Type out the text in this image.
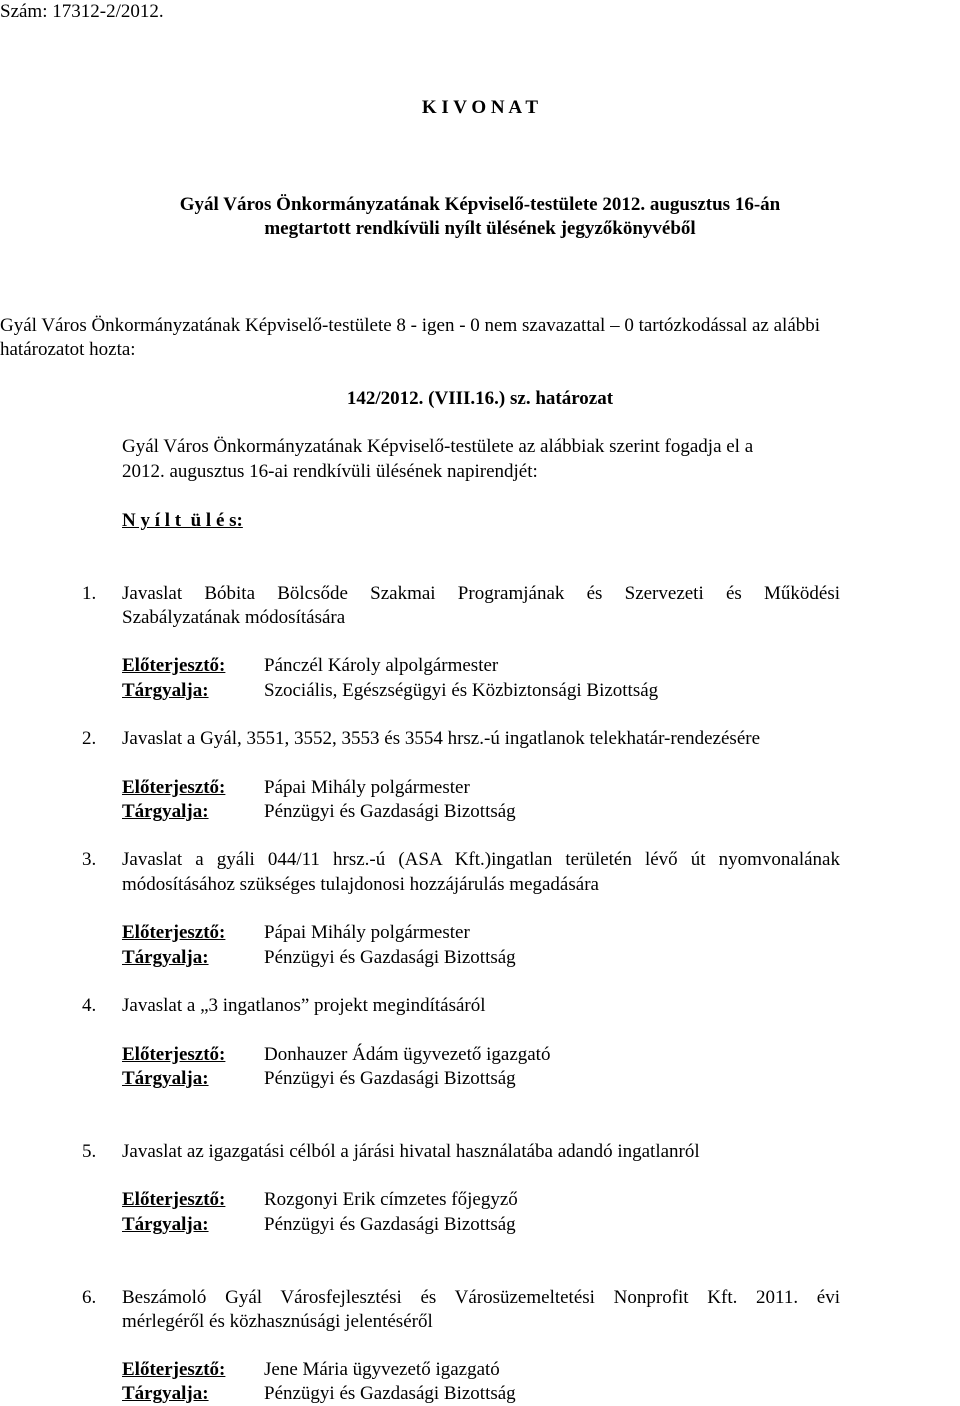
Szám: 17312-2/2012.
K I V O N A T
Gyál Város Önkormányzatának Képviselő-testülete 2012. augusztus 16-án
megtartott rendkívüli nyílt ülésének jegyzőkönyvéből
Gyál Város Önkormányzatának Képviselő-testülete 8 - igen - 0 nem szavazattal – 0 tartózkodással az alábbi
határozatot hozta:
142/2012. (VIII.16.) sz. határozat
Gyál Város Önkormányzatának Képviselő-testülete az alábbiak szerint fogadja el a
2012. augusztus 16-ai rendkívüli ülésének napirendjét:
N y í l t  ü l é s:
1. Javaslat Bóbita Bölcsőde Szakmai Programjának és Szervezeti és Működési
Szabályzatának módosítására
Előterjesztő: Pánczél Károly alpolgármester
Tárgyalja:	Szociális, Egészségügyi és Közbiztonsági Bizottság
2. Javaslat a Gyál, 3551, 3552, 3553 és 3554 hrsz.-ú ingatlanok telekhatár-rendezésére
Előterjesztő: Pápai Mihály polgármester
Tárgyalja:	Pénzügyi és Gazdasági Bizottság
3. Javaslat a gyáli 044/11 hrsz.-ú (ASA Kft.)ingatlan területén lévő út nyomvonalának
módosításához szükséges tulajdonosi hozzájárulás megadására
Előterjesztő: Pápai Mihály polgármester
Tárgyalja:	Pénzügyi és Gazdasági Bizottság
4. Javaslat a „3 ingatlanos” projekt megindításáról
Előterjesztő: Donhauzer Ádám ügyvezető igazgató
Tárgyalja:	Pénzügyi és Gazdasági Bizottság
5. Javaslat az igazgatási célból a járási hivatal használatába adandó ingatlanról
Előterjesztő: Rozgonyi Erik címzetes főjegyző
Tárgyalja:	Pénzügyi és Gazdasági Bizottság
6. Beszámoló Gyál Városfejlesztési és Városüzemeltetési Nonprofit Kft. 2011. évi
mérlegéről és közhasznúsági jelentéséről
Előterjesztő: Jene Mária ügyvezető igazgató
Tárgyalja:	Pénzügyi és Gazdasági Bizottság
